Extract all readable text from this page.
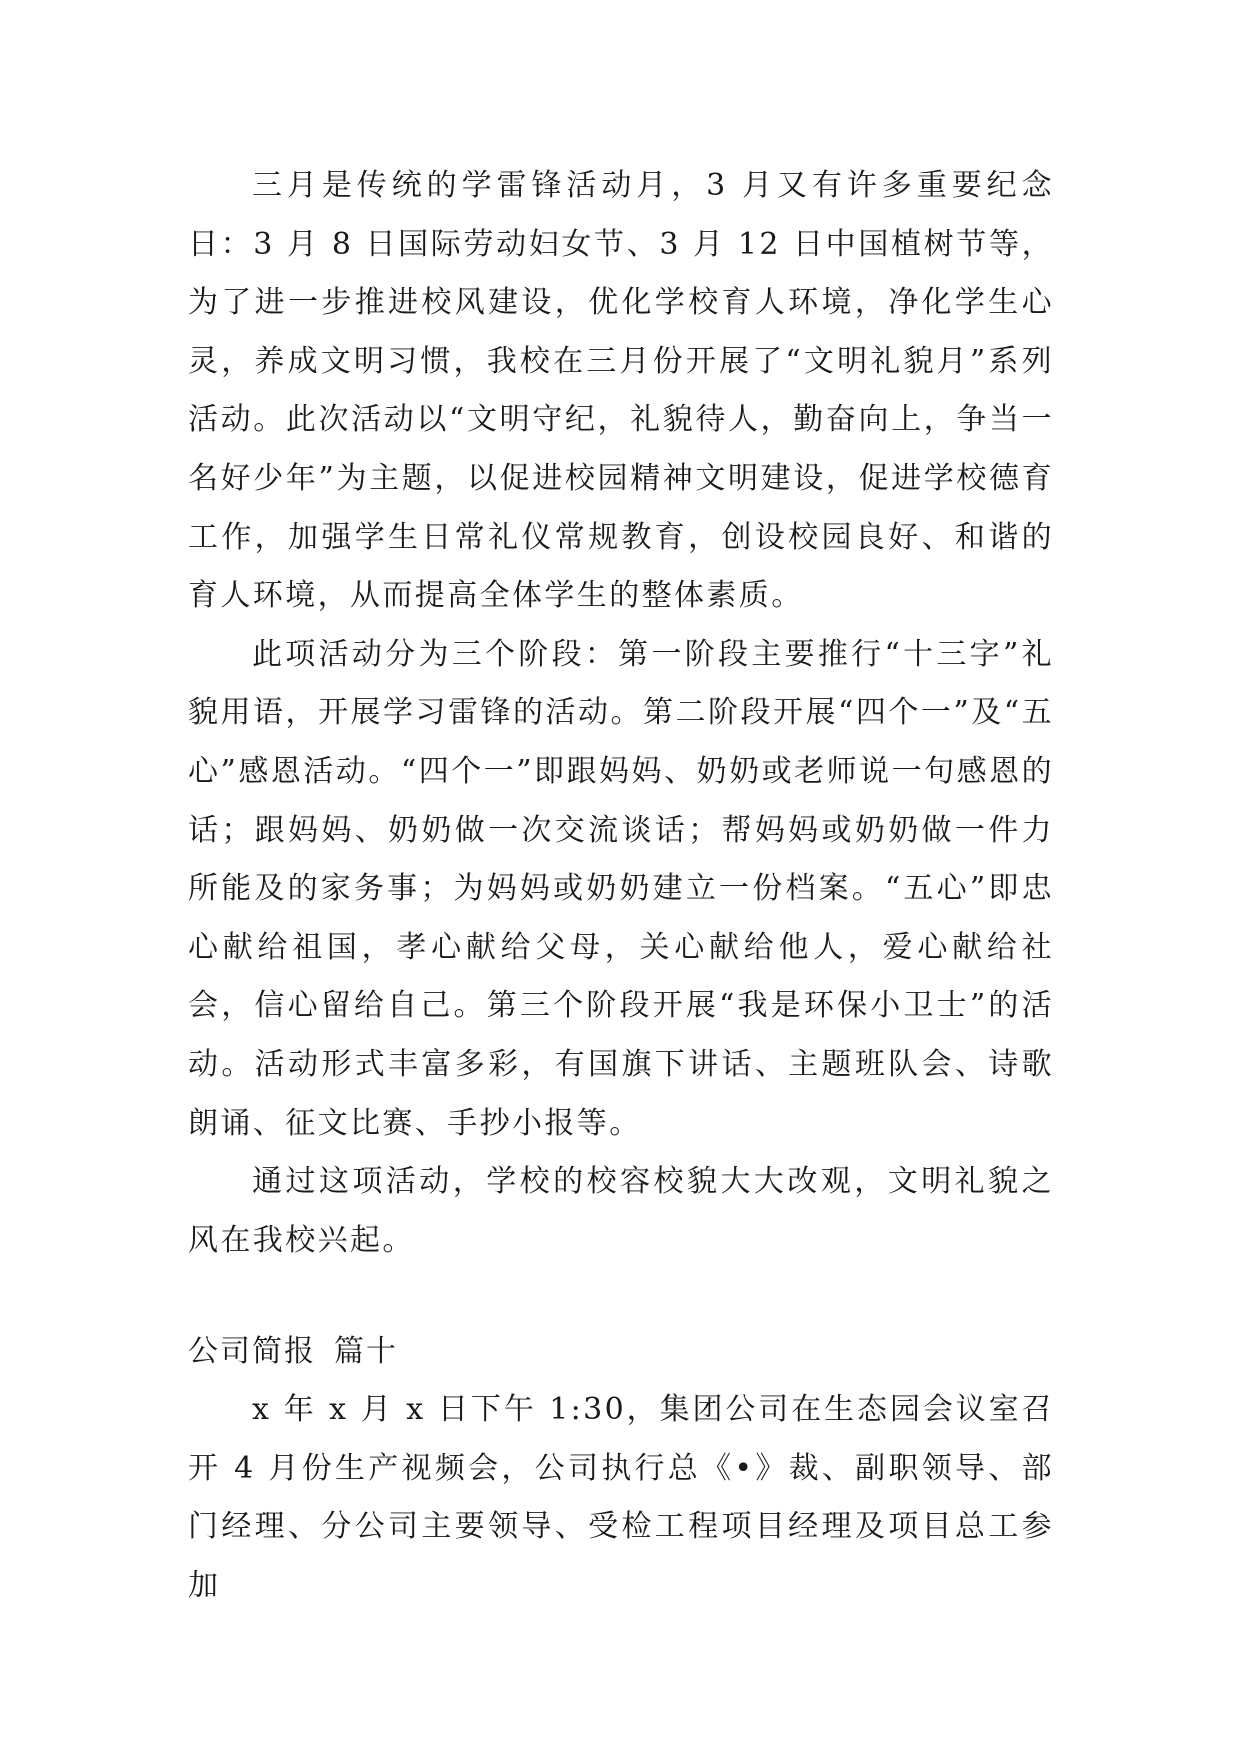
三月是传统的学雷锋活动月，3 月又有许多重要纪念日：3 月 8 日国际劳动妇女节、3 月 12 日中国植树节等，为了进一步推进校风建设，优化学校育人环境，净化学生心灵，养成文明习惯，我校在三月份开展了“文明礼貌月”系列活动。此次活动以“文明守纪，礼貌待人，勤奋向上，争当一名好少年”为主题，以促进校园精神文明建设，促进学校德育工作，加强学生日常礼仪常规教育，创设校园良好、和谐的育人环境，从而提高全体学生的整体素质。

此项活动分为三个阶段：第一阶段主要推行“十三字”礼貌用语，开展学习雷锋的活动。第二阶段开展“四个一”及“五心”感恩活动。“四个一”即跟妈妈、奶奶或老师说一句感恩的话；跟妈妈、奶奶做一次交流谈话；帮妈妈或奶奶做一件力所能及的家务事；为妈妈或奶奶建立一份档案。“五心”即忠心献给祖国，孝心献给父母，关心献给他人，爱心献给社会，信心留给自己。第三个阶段开展“我是环保小卫士”的活动。活动形式丰富多彩，有国旗下讲话、主题班队会、诗歌朗诵、征文比赛、手抄小报等。

通过这项活动，学校的校容校貌大大改观，文明礼貌之风在我校兴起。

公司简报 篇十

x 年 x 月 x 日下午 1:30，集团公司在生态园会议室召开 4 月份生产视频会，公司执行总《•》裁、副职领导、部门经理、分公司主要领导、受检工程项目经理及项目总工参加
